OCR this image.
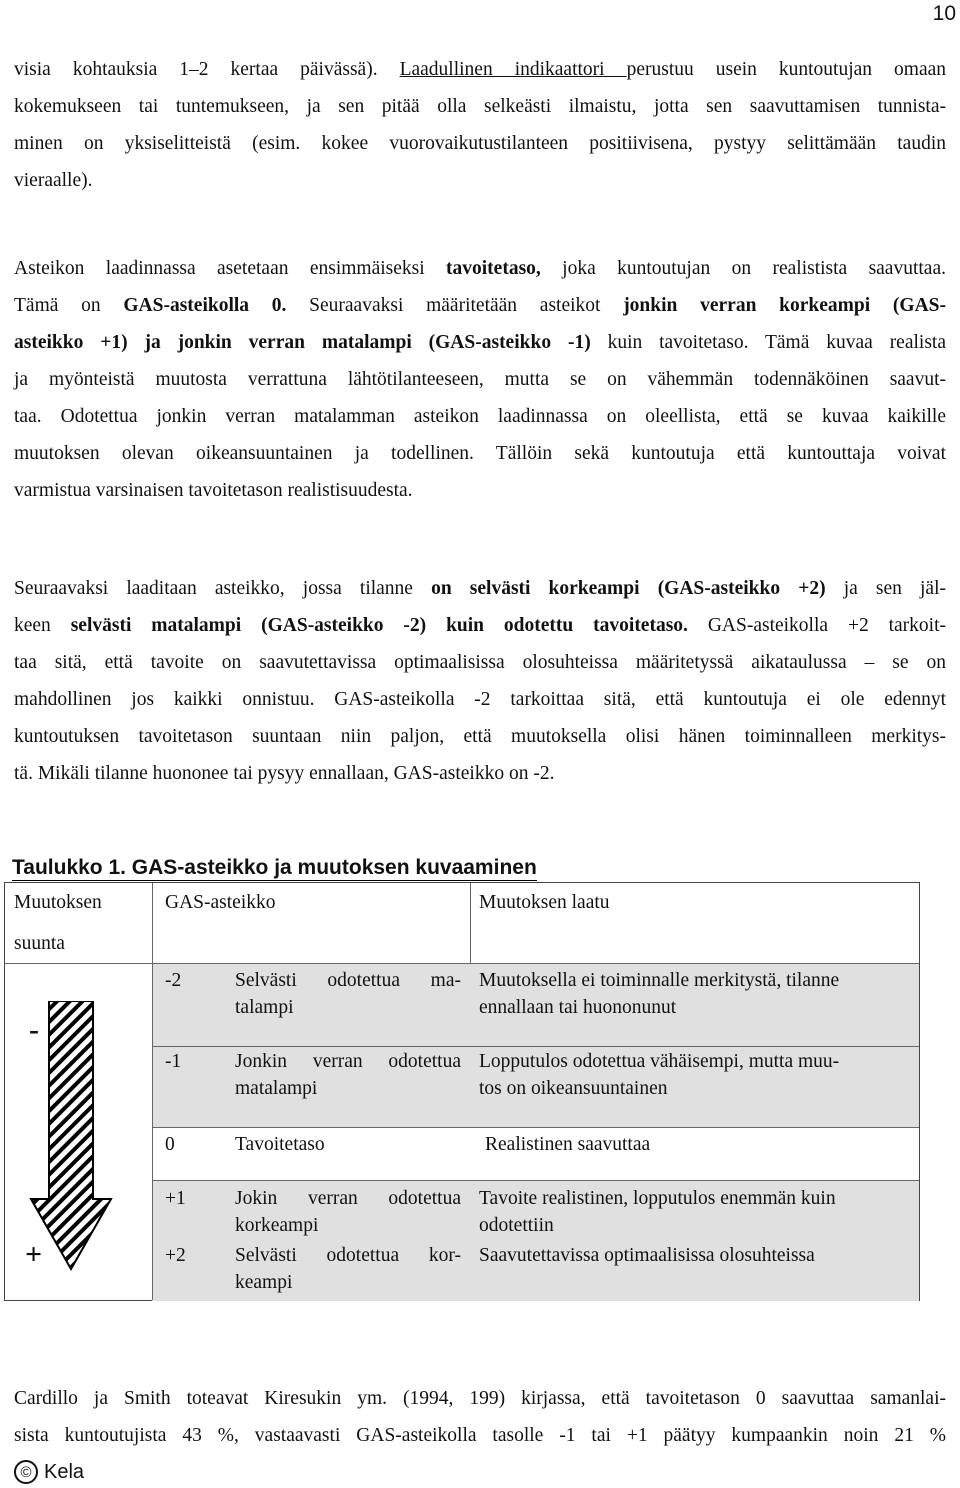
10
visia kohtauksia 1–2 kertaa päivässä). Laadullinen indikaattori perustuu usein kuntoutujan omaan
kokemukseen tai tuntemukseen, ja sen pitää olla selkeästi ilmaistu, jotta sen saavuttamisen tunnista-
minen on yksiselitteistä (esim. kokee vuorovaikutustilanteen positiivisena, pystyy selittämään taudin
vieraalle).
Asteikon laadinnassa asetetaan ensimmäiseksi tavoitetaso, joka kuntoutujan on realistista saavuttaa.
Tämä on GAS-asteikolla 0. Seuraavaksi määritetään asteikot jonkin verran korkeampi (GAS-
asteikko +1) ja jonkin verran matalampi (GAS-asteikko -1) kuin tavoitetaso. Tämä kuvaa realista
ja myönteistä muutosta verrattuna lähtötilanteeseen, mutta se on vähemmän todennäköinen saavut-
taa. Odotettua jonkin verran matalamman asteikon laadinnassa on oleellista, että se kuvaa kaikille
muutoksen olevan oikeansuuntainen ja todellinen. Tällöin sekä kuntoutuja että kuntouttaja voivat
varmistua varsinaisen tavoitetason realistisuudesta.
Seuraavaksi laaditaan asteikko, jossa tilanne on selvästi korkeampi (GAS-asteikko +2) ja sen jäl-
keen selvästi matalampi (GAS-asteikko -2) kuin odotettu tavoitetaso. GAS-asteikolla +2 tarkoit-
taa sitä, että tavoite on saavutettavissa optimaalisissa olosuhteissa määritetyssä aikataulussa – se on
mahdollinen jos kaikki onnistuu. GAS-asteikolla -2 tarkoittaa sitä, että kuntoutuja ei ole edennyt
kuntoutuksen tavoitetason suuntaan niin paljon, että muutoksella olisi hänen toiminnalleen merkitys-
tä. Mikäli tilanne huononee tai pysyy ennallaan, GAS-asteikko on -2.
Taulukko 1. GAS-asteikko ja muutoksen kuvaaminen
Muutoksen
suunta
GAS-asteikko	Muutoksen laatu
-
+
-2	Selvästi odotettua ma-
talampi
Muutoksella ei toiminnalle merkitystä, tilanne
ennallaan tai huononunut
-1	Jonkin verran odotettua
matalampi
Lopputulos odotettua vähäisempi, mutta muu-
tos on oikeansuuntainen
0	Tavoitetaso	Realistinen saavuttaa
+1	Jokin verran odotettua
korkeampi
Tavoite realistinen, lopputulos enemmän kuin
odotettiin
+2	Selvästi odotettua kor-
keampi
Saavutettavissa optimaalisissa olosuhteissa
Cardillo ja Smith toteavat Kiresukin ym. (1994, 199) kirjassa, että tavoitetason 0 saavuttaa samanlai-
sista kuntoutujista 43 %, vastaavasti GAS-asteikolla tasolle -1 tai +1 päätyy kumpaankin noin 21 %
© Kela
